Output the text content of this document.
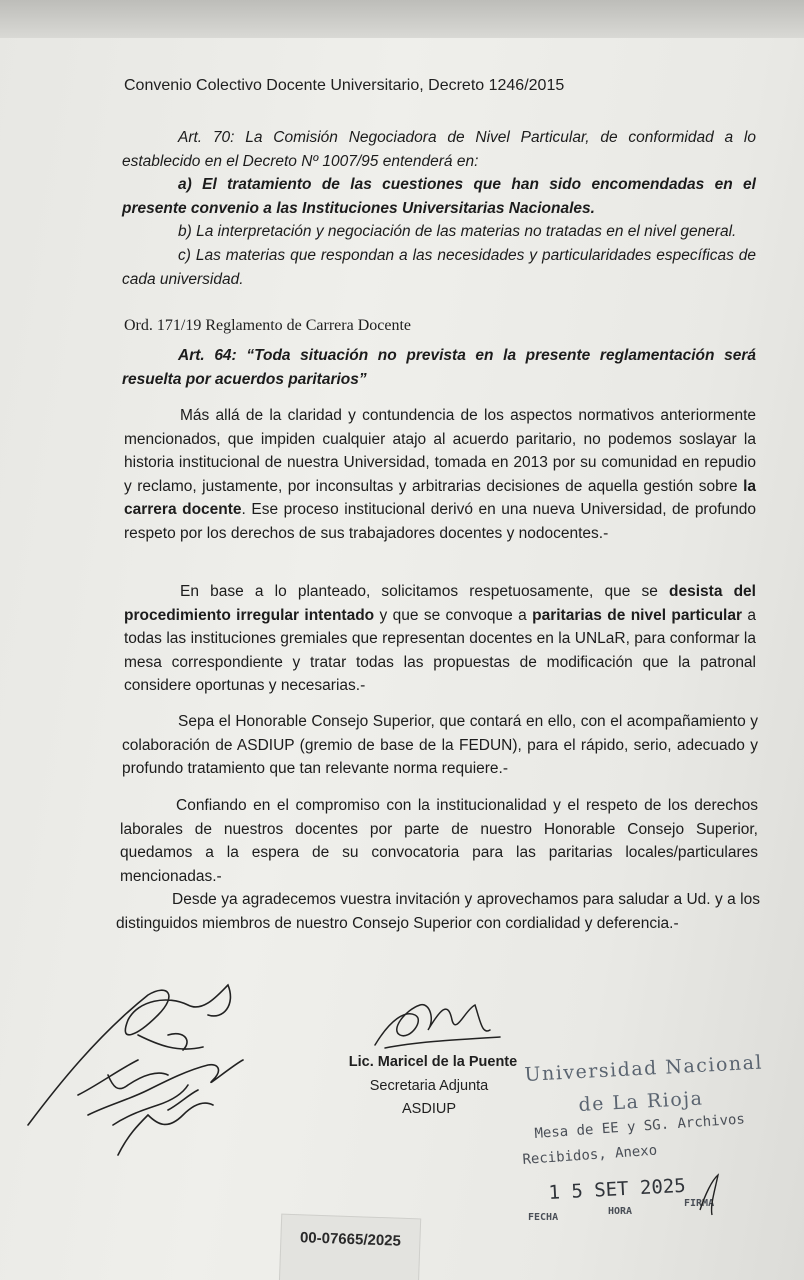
Convenio Colectivo Docente Universitario, Decreto 1246/2015

Art. 70: La Comisión Negociadora de Nivel Particular, de conformidad a lo establecido en el Decreto Nº 1007/95 entenderá en:

a) El tratamiento de las cuestiones que han sido encomendadas en el presente convenio a las Instituciones Universitarias Nacionales.

b) La interpretación y negociación de las materias no tratadas en el nivel general.

c) Las materias que respondan a las necesidades y particularidades específicas de cada universidad.

Ord. 171/19 Reglamento de Carrera Docente

Art. 64: “Toda situación no prevista en la presente reglamentación será resuelta por acuerdos paritarios”

Más allá de la claridad y contundencia de los aspectos normativos anteriormente mencionados, que impiden cualquier atajo al acuerdo paritario, no podemos soslayar la historia institucional de nuestra Universidad, tomada en 2013 por su comunidad en repudio y reclamo, justamente, por inconsultas y arbitrarias decisiones de aquella gestión sobre la carrera docente. Ese proceso institucional derivó en una nueva Universidad, de profundo respeto por los derechos de sus trabajadores docentes y nodocentes.-

En base a lo planteado, solicitamos respetuosamente, que se desista del procedimiento irregular intentado y que se convoque a paritarias de nivel particular a todas las instituciones gremiales que representan docentes en la UNLaR, para conformar la mesa correspondiente y tratar todas las propuestas de modificación que la patronal considere oportunas y necesarias.-

Sepa el Honorable Consejo Superior, que contará en ello, con el acompañamiento y colaboración de ASDIUP (gremio de base de la FEDUN), para el rápido, serio, adecuado y profundo tratamiento que tan relevante norma requiere.-

Confiando en el compromiso con la institucionalidad y el respeto de los derechos laborales de nuestros docentes por parte de nuestro Honorable Consejo Superior, quedamos a la espera de su convocatoria para las paritarias locales/particulares mencionadas.-

Desde ya agradecemos vuestra invitación y aprovechamos para saludar a Ud. y a los distinguidos miembros de nuestro Consejo Superior con cordialidad y deferencia.-

Lic. Maricel de la Puente
Secretaria Adjunta
ASDIUP
Universidad Nacional
de La Rioja
Mesa de EE y SG. Archivos
Recibidos, Anexo
1 5 SET 2025
FECHA
HORA
FIRMA
00-07665/2025
